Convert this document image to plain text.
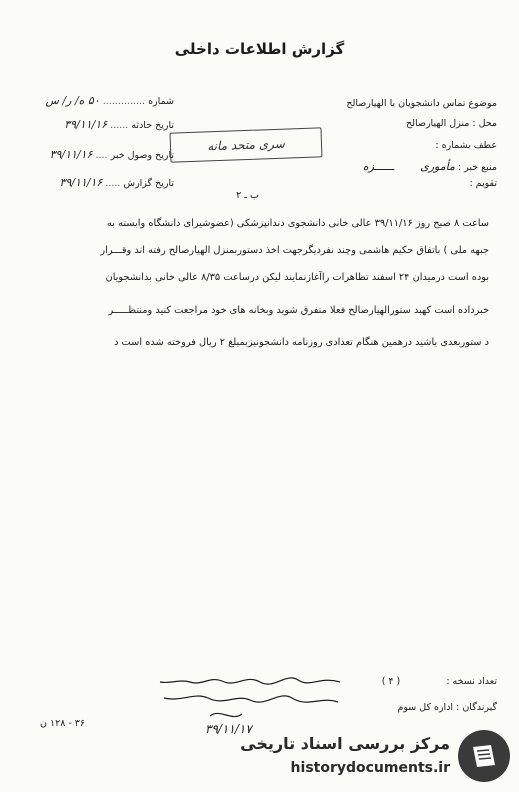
گزارش اطلاعات داخلی
شماره .............. ۵۰ ه/ ر/ س
تاریخ حادثه ...... ۳۹/۱۱/۱۶
تاریخ وصول خبر .... ۳۹/۱۱/۱۶
تاریخ گزارش ..... ۳۹/۱۱/۱۶
سری متحد مانه
موضوع تماس دانشجویان با الهیارصالح
محل : منزل الهیارصالح
عطف بشماره :
منبع خبر : مأموری  ــــــزه
تقویم :
ب ـ ۲
ساعت ۸ صبح روز ۳۹/۱۱/۱۶ عالی خانی دانشجوی دندانپزشکی (عضوشیرای دانشگاه وابسته به
جبهه ملی ) باتفاق حکیم هاشمی وچند نفردیگرجهت اخذ دستوربمنزل الهیارصالح رفته اند وقـــرار
بوده است درمیدان ۲۴ اسفند تظاهرات راآغازنمایند لیکن درساعت ۸/۳۵ عالی خانی بدانشجویان
خبرداده است کهبد ستورالهیارصالح فعلا متفرق شوید وبخانه های خود مراجعت کنید ومنتظـــــر
د ستوربعدی باشید درهمین هنگام تعدادی روزنامه دانشجونیزبمبلغ ۲ ریال فروخته شده است د
تعداد نسخه :  ( ۴ )
گیرندگان : اداره کل سوم
۳۶ - ۱۲۸ ن	۳۹/۱۱/۱۷
مرکز بررسی اسناد تاریخی
historydocuments.ir
